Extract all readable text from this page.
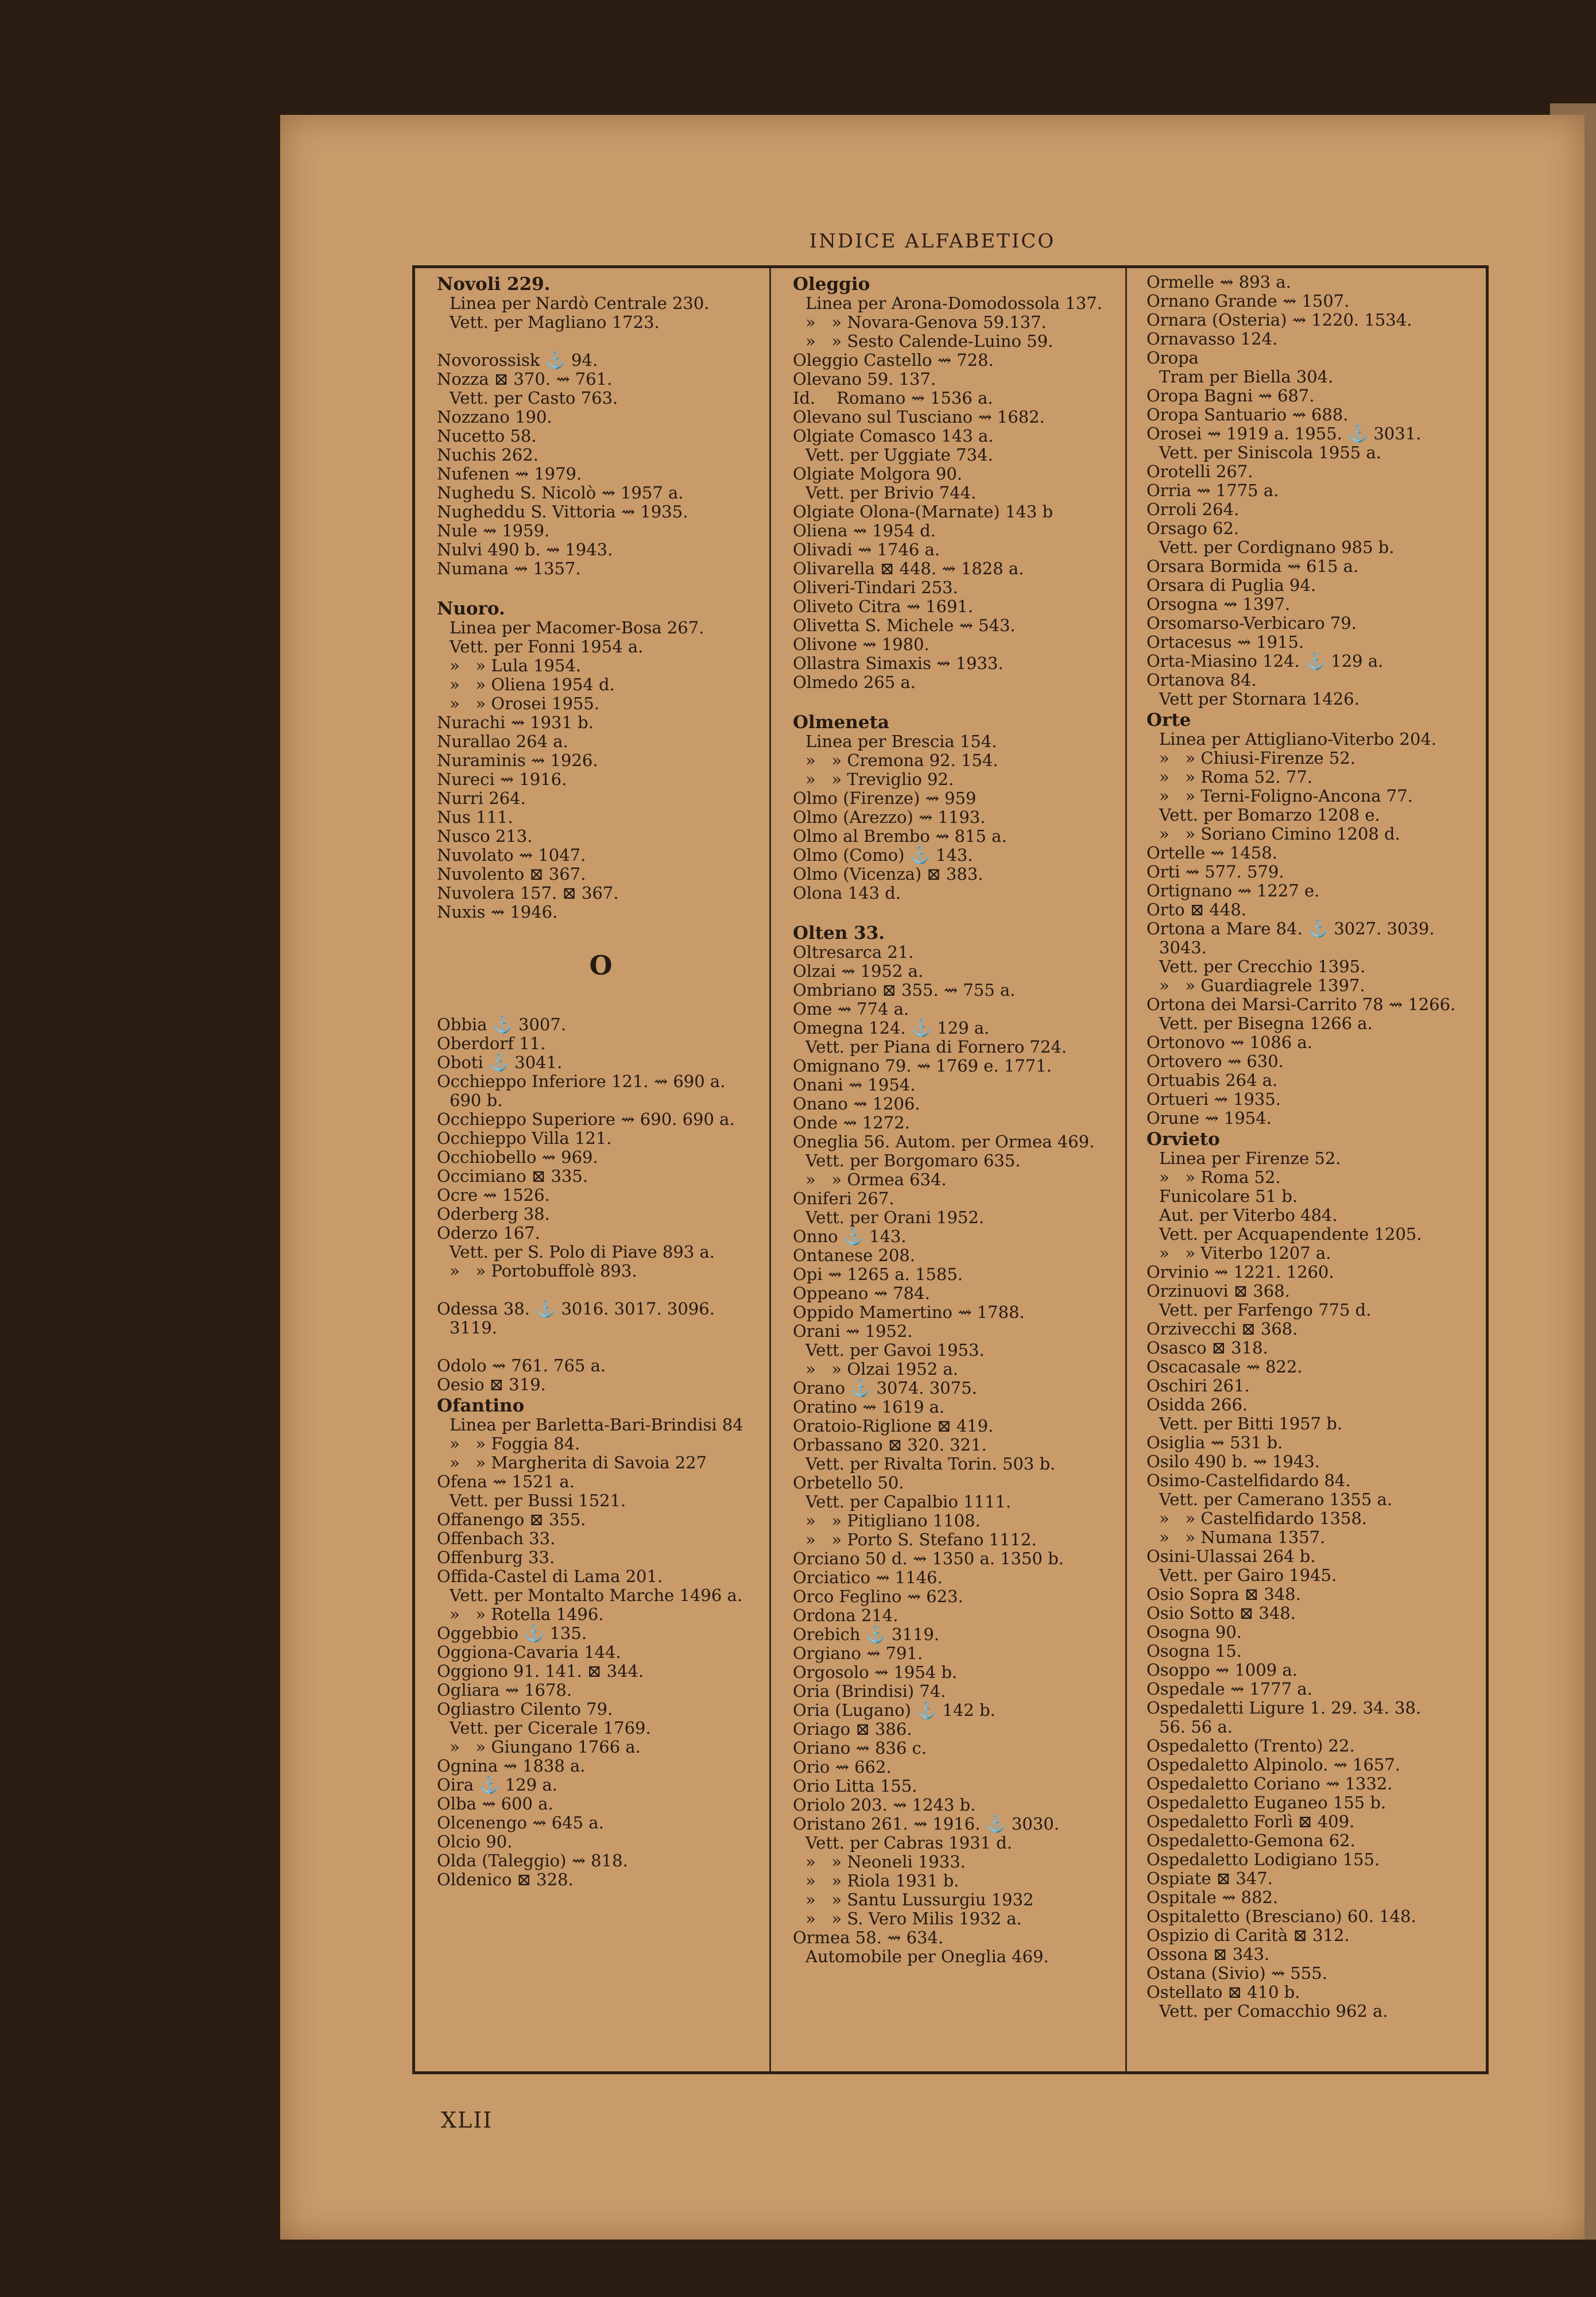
INDICE ALFABETICO
Novoli 229.
Linea per Nardò Centrale 230.
Vett. per Magliano 1723.
Novorossisk ⚓ 94.
Nozza ⊠ 370. ⇝ 761.
Vett. per Casto 763.
Nozzano 190.
Nucetto 58.
Nuchis 262.
Nufenen ⇝ 1979.
Nughedu S. Nicolò ⇝ 1957 a.
Nugheddu S. Vittoria ⇝ 1935.
Nule ⇝ 1959.
Nulvi 490 b. ⇝ 1943.
Numana ⇝ 1357.
Nuoro.
Linea per Macomer-Bosa 267.
Vett. per Fonni 1954 a.
»   » Lula 1954.
»   » Oliena 1954 d.
»   » Orosei 1955.
Nurachi ⇝ 1931 b.
Nurallao 264 a.
Nuraminis ⇝ 1926.
Nureci ⇝ 1916.
Nurri 264.
Nus 111.
Nusco 213.
Nuvolato ⇝ 1047.
Nuvolento ⊠ 367.
Nuvolera 157. ⊠ 367.
Nuxis ⇝ 1946.
O
Obbia ⚓ 3007.
Oberdorf 11.
Oboti ⚓ 3041.
Occhieppo Inferiore 121. ⇝ 690 a.
690 b.
Occhieppo Superiore ⇝ 690. 690 a.
Occhieppo Villa 121.
Occhiobello ⇝ 969.
Occimiano ⊠ 335.
Ocre ⇝ 1526.
Oderberg 38.
Oderzo 167.
Vett. per S. Polo di Piave 893 a.
»   » Portobuffolè 893.
Odessa 38. ⚓ 3016. 3017. 3096.
3119.
Odolo ⇝ 761. 765 a.
Oesio ⊠ 319.
Ofantino
Linea per Barletta-Bari-Brindisi 84
»   » Foggia 84.
»   » Margherita di Savoia 227
Ofena ⇝ 1521 a.
Vett. per Bussi 1521.
Offanengo ⊠ 355.
Offenbach 33.
Offenburg 33.
Offida-Castel di Lama 201.
Vett. per Montalto Marche 1496 a.
»   » Rotella 1496.
Oggebbio ⚓ 135.
Oggiona-Cavaria 144.
Oggiono 91. 141. ⊠ 344.
Ogliara ⇝ 1678.
Ogliastro Cilento 79.
Vett. per Cicerale 1769.
»   » Giungano 1766 a.
Ognina ⇝ 1838 a.
Oira ⚓ 129 a.
Olba ⇝ 600 a.
Olcenengo ⇝ 645 a.
Olcio 90.
Olda (Taleggio) ⇝ 818.
Oldenico ⊠ 328.
Oleggio
Linea per Arona-Domodossola 137.
»   » Novara-Genova 59.137.
»   » Sesto Calende-Luino 59.
Oleggio Castello ⇝ 728.
Olevano 59. 137.
Id.    Romano ⇝ 1536 a.
Olevano sul Tusciano ⇝ 1682.
Olgiate Comasco 143 a.
Vett. per Uggiate 734.
Olgiate Molgora 90.
Vett. per Brivio 744.
Olgiate Olona-(Marnate) 143 b
Oliena ⇝ 1954 d.
Olivadi ⇝ 1746 a.
Olivarella ⊠ 448. ⇝ 1828 a.
Oliveri-Tindari 253.
Oliveto Citra ⇝ 1691.
Olivetta S. Michele ⇝ 543.
Olivone ⇝ 1980.
Ollastra Simaxis ⇝ 1933.
Olmedo 265 a.
Olmeneta
Linea per Brescia 154.
»   » Cremona 92. 154.
»   » Treviglio 92.
Olmo (Firenze) ⇝ 959
Olmo (Arezzo) ⇝ 1193.
Olmo al Brembo ⇝ 815 a.
Olmo (Como) ⚓ 143.
Olmo (Vicenza) ⊠ 383.
Olona 143 d.
Olten 33.
Oltresarca 21.
Olzai ⇝ 1952 a.
Ombriano ⊠ 355. ⇝ 755 a.
Ome ⇝ 774 a.
Omegna 124. ⚓ 129 a.
Vett. per Piana di Fornero 724.
Omignano 79. ⇝ 1769 e. 1771.
Onani ⇝ 1954.
Onano ⇝ 1206.
Onde ⇝ 1272.
Oneglia 56. Autom. per Ormea 469.
Vett. per Borgomaro 635.
»   » Ormea 634.
Oniferi 267.
Vett. per Orani 1952.
Onno ⚓ 143.
Ontanese 208.
Opi ⇝ 1265 a. 1585.
Oppeano ⇝ 784.
Oppido Mamertino ⇝ 1788.
Orani ⇝ 1952.
Vett. per Gavoi 1953.
»   » Olzai 1952 a.
Orano ⚓ 3074. 3075.
Oratino ⇝ 1619 a.
Oratoio-Riglione ⊠ 419.
Orbassano ⊠ 320. 321.
Vett. per Rivalta Torin. 503 b.
Orbetello 50.
Vett. per Capalbio 1111.
»   » Pitigliano 1108.
»   » Porto S. Stefano 1112.
Orciano 50 d. ⇝ 1350 a. 1350 b.
Orciatico ⇝ 1146.
Orco Feglino ⇝ 623.
Ordona 214.
Orebich ⚓ 3119.
Orgiano ⇝ 791.
Orgosolo ⇝ 1954 b.
Oria (Brindisi) 74.
Oria (Lugano) ⚓ 142 b.
Oriago ⊠ 386.
Oriano ⇝ 836 c.
Orio ⇝ 662.
Orio Litta 155.
Oriolo 203. ⇝ 1243 b.
Oristano 261. ⇝ 1916. ⚓ 3030.
Vett. per Cabras 1931 d.
»   » Neoneli 1933.
»   » Riola 1931 b.
»   » Santu Lussurgiu 1932
»   » S. Vero Milis 1932 a.
Ormea 58. ⇝ 634.
Automobile per Oneglia 469.
Ormelle ⇝ 893 a.
Ornano Grande ⇝ 1507.
Ornara (Osteria) ⇝ 1220. 1534.
Ornavasso 124.
Oropa
Tram per Biella 304.
Oropa Bagni ⇝ 687.
Oropa Santuario ⇝ 688.
Orosei ⇝ 1919 a. 1955. ⚓ 3031.
Vett. per Siniscola 1955 a.
Orotelli 267.
Orria ⇝ 1775 a.
Orroli 264.
Orsago 62.
Vett. per Cordignano 985 b.
Orsara Bormida ⇝ 615 a.
Orsara di Puglia 94.
Orsogna ⇝ 1397.
Orsomarso-Verbicaro 79.
Ortacesus ⇝ 1915.
Orta-Miasino 124. ⚓ 129 a.
Ortanova 84.
Vett per Stornara 1426.
Orte
Linea per Attigliano-Viterbo 204.
»   » Chiusi-Firenze 52.
»   » Roma 52. 77.
»   » Terni-Foligno-Ancona 77.
Vett. per Bomarzo 1208 e.
»   » Soriano Cimino 1208 d.
Ortelle ⇝ 1458.
Orti ⇝ 577. 579.
Ortignano ⇝ 1227 e.
Orto ⊠ 448.
Ortona a Mare 84. ⚓ 3027. 3039.
3043.
Vett. per Crecchio 1395.
»   » Guardiagrele 1397.
Ortona dei Marsi-Carrito 78 ⇝ 1266.
Vett. per Bisegna 1266 a.
Ortonovo ⇝ 1086 a.
Ortovero ⇝ 630.
Ortuabis 264 a.
Ortueri ⇝ 1935.
Orune ⇝ 1954.
Orvieto
Linea per Firenze 52.
»   » Roma 52.
Funicolare 51 b.
Aut. per Viterbo 484.
Vett. per Acquapendente 1205.
»   » Viterbo 1207 a.
Orvinio ⇝ 1221. 1260.
Orzinuovi ⊠ 368.
Vett. per Farfengo 775 d.
Orzivecchi ⊠ 368.
Osasco ⊠ 318.
Oscacasale ⇝ 822.
Oschiri 261.
Osidda 266.
Vett. per Bitti 1957 b.
Osiglia ⇝ 531 b.
Osilo 490 b. ⇝ 1943.
Osimo-Castelfidardo 84.
Vett. per Camerano 1355 a.
»   » Castelfidardo 1358.
»   » Numana 1357.
Osini-Ulassai 264 b.
Vett. per Gairo 1945.
Osio Sopra ⊠ 348.
Osio Sotto ⊠ 348.
Osogna 90.
Osogna 15.
Osoppo ⇝ 1009 a.
Ospedale ⇝ 1777 a.
Ospedaletti Ligure 1. 29. 34. 38.
56. 56 a.
Ospedaletto (Trento) 22.
Ospedaletto Alpinolo. ⇝ 1657.
Ospedaletto Coriano ⇝ 1332.
Ospedaletto Euganeo 155 b.
Ospedaletto Forlì ⊠ 409.
Ospedaletto-Gemona 62.
Ospedaletto Lodigiano 155.
Ospiate ⊠ 347.
Ospitale ⇝ 882.
Ospitaletto (Bresciano) 60. 148.
Ospizio di Carità ⊠ 312.
Ossona ⊠ 343.
Ostana (Sivio) ⇝ 555.
Ostellato ⊠ 410 b.
Vett. per Comacchio 962 a.
XLII
